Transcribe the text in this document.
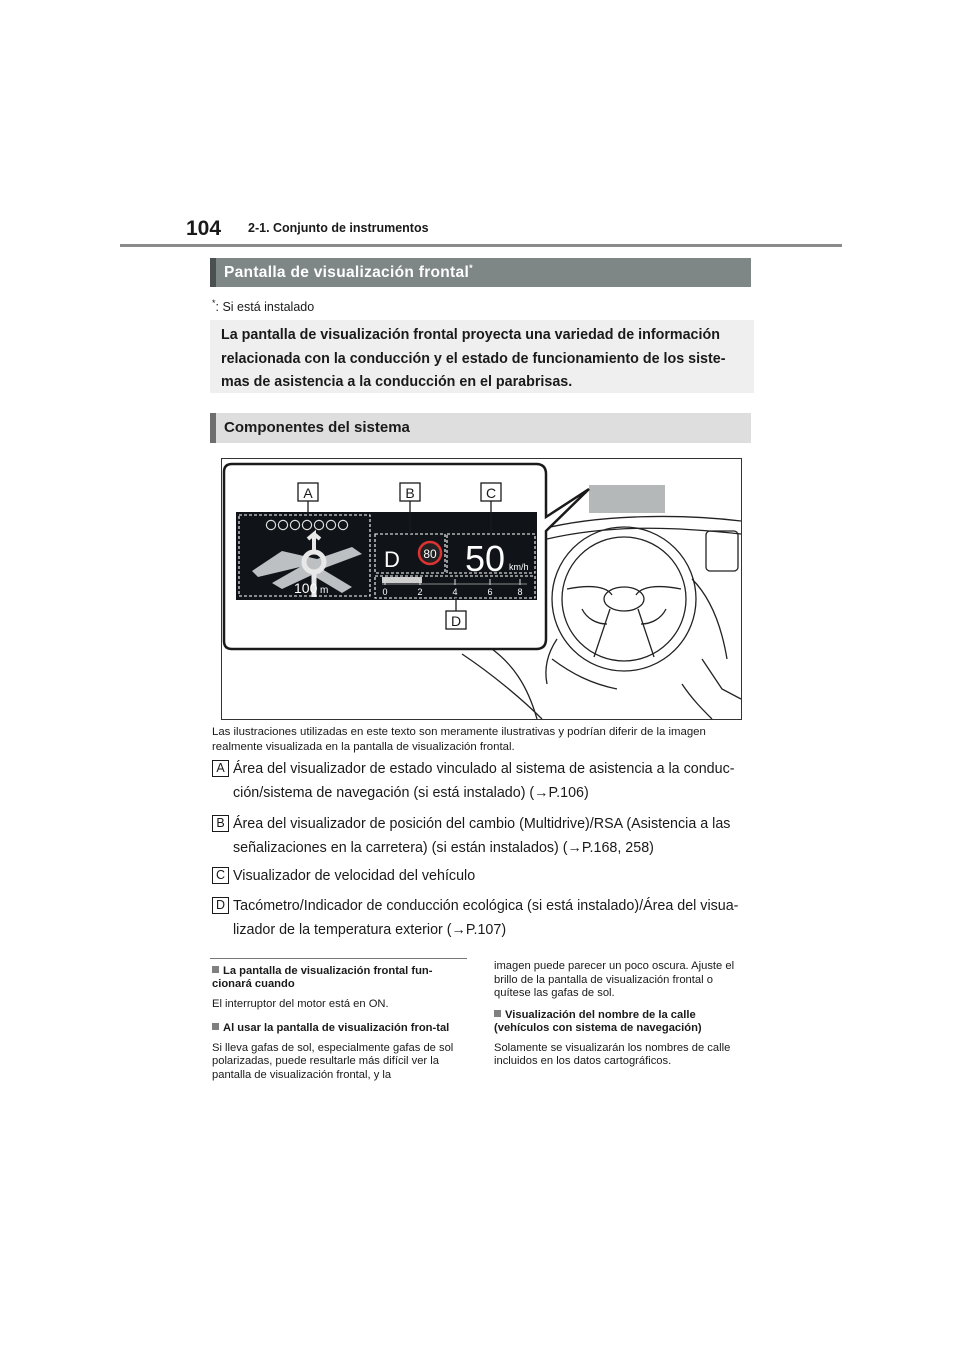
104 2-1. Conjunto de instrumentos
Pantalla de visualización frontal*
*: Si está instalado
La pantalla de visualización frontal proyecta una variedad de información relacionada con la conducción y el estado de funcionamiento de los siste-mas de asistencia a la conducción en el parabrisas.
Componentes del sistema
100 m
D 80 50 km/h
0	2	4	6	8
A	B	C
D
Las ilustraciones utilizadas en este texto son meramente ilustrativas y podrían diferir de la imagen realmente visualizada en la pantalla de visualización frontal.
A Área del visualizador de estado vinculado al sistema de asistencia a la conduc-ción/sistema de navegación (si está instalado) (→P.106)
B Área del visualizador de posición del cambio (Multidrive)/RSA (Asistencia a las señalizaciones en la carretera) (si están instalados) (→P.168, 258)
C Visualizador de velocidad del vehículo
D Tacómetro/Indicador de conducción ecológica (si está instalado)/Área del visua-lizador de la temperatura exterior (→P.107)
La pantalla de visualización frontal fun-cionará cuando
El interruptor del motor está en ON.
Al usar la pantalla de visualización fron-tal
Si lleva gafas de sol, especialmente gafas de sol polarizadas, puede resultarle más difícil ver la pantalla de visualización frontal, y la
imagen puede parecer un poco oscura. Ajuste el brillo de la pantalla de visualización frontal o quítese las gafas de sol.
Visualización del nombre de la calle (vehículos con sistema de navegación)
Solamente se visualizarán los nombres de calle incluidos en los datos cartográficos.
